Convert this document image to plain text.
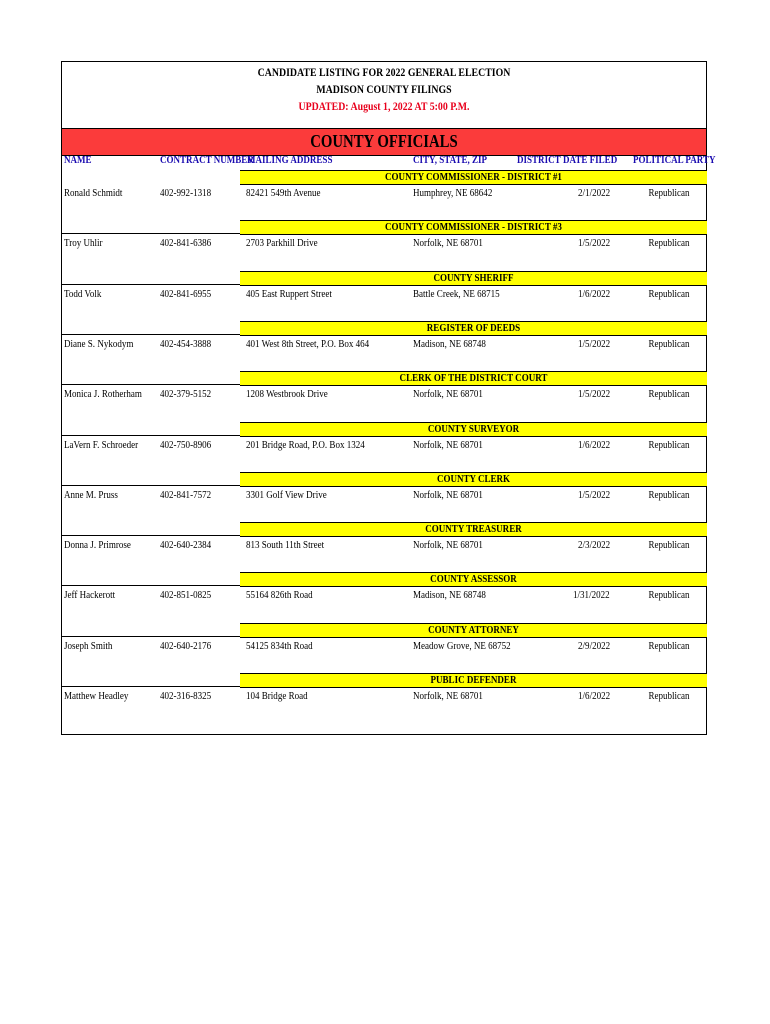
CANDIDATE LISTING FOR 2022 GENERAL ELECTION
MADISON COUNTY FILINGS
UPDATED: August 1, 2022 AT 5:00 P.M.
COUNTY OFFICIALS
NAME	CONTRACT NUMBER
MAILING ADDRESS	CITY, STATE, ZIP	DISTRICT DATE FILED POLITICAL PARTY
COUNTY COMMISSIONER - DISTRICT #1
Ronald Schmidt	402-992-1318	82421 549th Avenue	Humphrey, NE 68642	2/1/2022	Republican
COUNTY COMMISSIONER - DISTRICT #3
Troy Uhlir	402-841-6386	2703 Parkhill Drive	Norfolk, NE 68701	1/5/2022	Republican
COUNTY SHERIFF
Todd Volk	402-841-6955	405 East Ruppert Street	Battle Creek, NE 68715	1/6/2022	Republican
REGISTER OF DEEDS
Diane S. Nykodym 402-454-3888	401 West 8th Street, P.O. Box 464	Madison, NE 68748	1/5/2022	Republican
CLERK OF THE DISTRICT COURT
Monica J. Rotherham 402-379-5152	1208 Westbrook Drive	Norfolk, NE 68701	1/5/2022	Republican
COUNTY SURVEYOR
LaVern F. Schroeder 402-750-8906	201 Bridge Road, P.O. Box 1324	Norfolk, NE 68701	1/6/2022	Republican
COUNTY CLERK
Anne M. Pruss	402-841-7572	3301 Golf View Drive	Norfolk, NE 68701	1/5/2022	Republican
COUNTY TREASURER
Donna J. Primrose	402-640-2384	813 South 11th Street	Norfolk, NE 68701	2/3/2022	Republican
COUNTY ASSESSOR
Jeff Hackerott	402-851-0825	55164 826th Road	Madison, NE 68748	1/31/2022	Republican
COUNTY ATTORNEY
Joseph Smith	402-640-2176	54125 834th Road	Meadow Grove, NE 68752	2/9/2022	Republican
PUBLIC DEFENDER
Matthew Headley	402-316-8325	104 Bridge Road	Norfolk, NE 68701	1/6/2022	Republican
